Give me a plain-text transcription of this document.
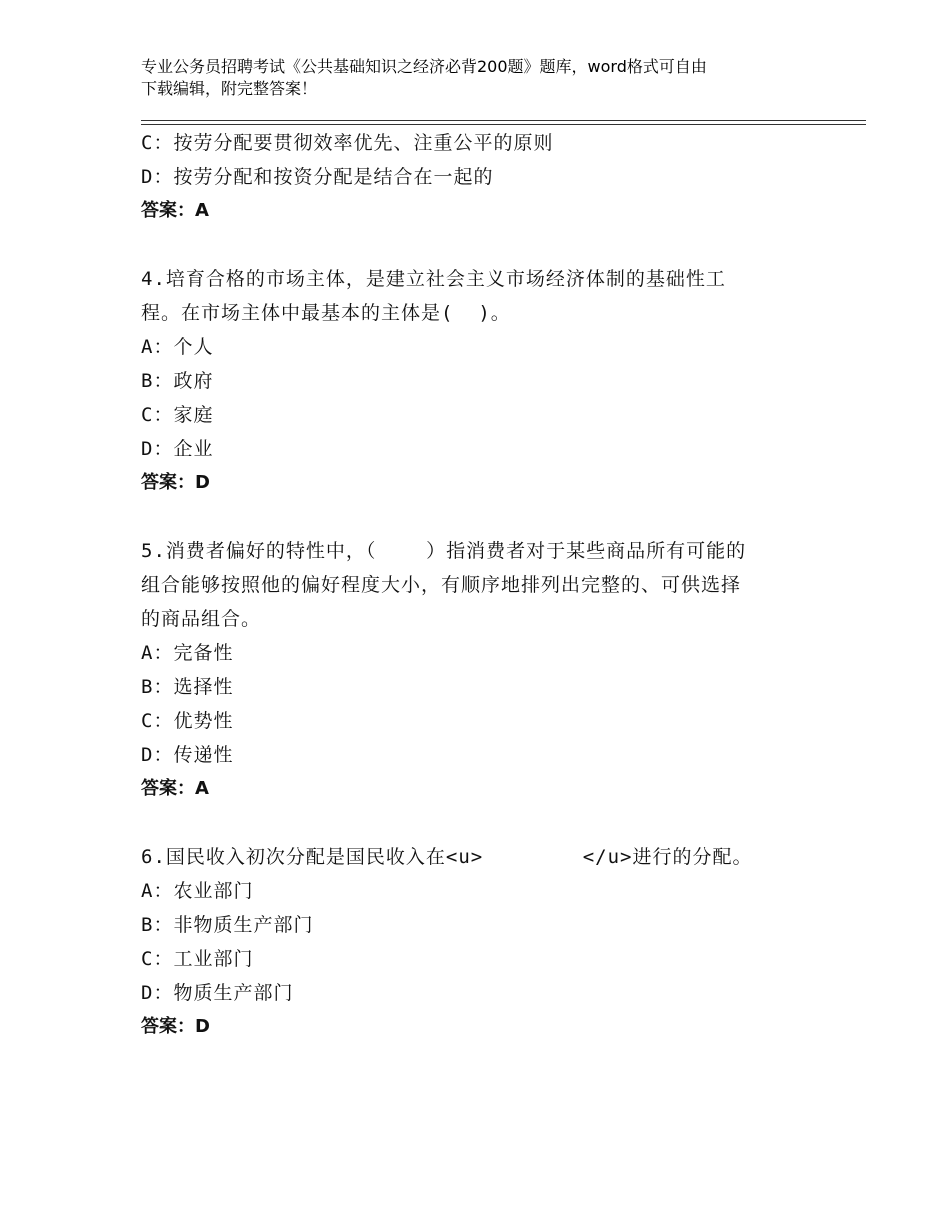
专业公务员招聘考试《公共基础知识之经济必背200题》题库，word格式可自由
下载编辑，附完整答案！
C：按劳分配要贯彻效率优先、注重公平的原则
D：按劳分配和按资分配是结合在一起的
答案：A
4.培育合格的市场主体，是建立社会主义市场经济体制的基础性工
程。在市场主体中最基本的主体是(  )。
A：个人
B：政府
C：家庭
D：企业
答案：D
5.消费者偏好的特性中，（    ）指消费者对于某些商品所有可能的
组合能够按照他的偏好程度大小，有顺序地排列出完整的、可供选择
的商品组合。
A：完备性
B：选择性
C：优势性
D：传递性
答案：A
6.国民收入初次分配是国民收入在<u>        </u>进行的分配。
A：农业部门
B：非物质生产部门
C：工业部门
D：物质生产部门
答案：D
